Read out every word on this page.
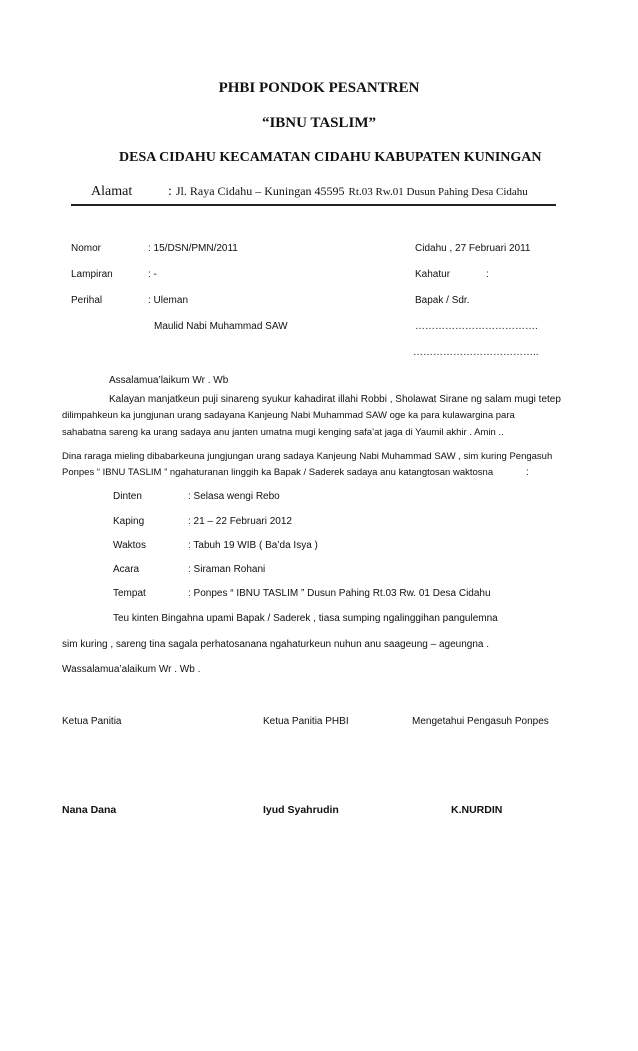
PHBI PONDOK PESANTREN
“IBNU TASLIM”
DESA CIDAHU KECAMATAN CIDAHU KABUPATEN KUNINGAN
Alamat	: Jl. Raya Cidahu – Kuningan 45595 Rt.03 Rw.01 Dusun Pahing Desa Cidahu
Nomor	: 15/DSN/PMN/2011
Lampiran	: -
Perihal	: Uleman
Maulid Nabi Muhammad SAW
Cidahu , 27 Februari 2011
Kahatur	:
Bapak / Sdr.
……………………………….
………………………………..
Assalamua’laikum Wr . Wb
Kalayan manjatkeun puji sinareng syukur kahadirat illahi Robbi , Sholawat Sirane ng salam mugi tetep
dilimpahkeun ka jungjunan urang sadayana Kanjeung Nabi Muhammad SAW oge ka para kulawargina para
sahabatna sareng ka urang sadaya anu janten umatna mugi kenging safa’at jaga di Yaumil akhir . Amin ..
Dina raraga mieling dibabarkeuna jungjungan urang sadaya Kanjeung Nabi Muhammad SAW , sim kuring Pengasuh
Ponpes “ IBNU TASLIM ” ngahaturanan linggih ka Bapak / Saderek sadaya anu katangtosan waktosna	:
Dinten	: Selasa wengi Rebo
Kaping	: 21 – 22 Februari 2012
Waktos	: Tabuh 19 WIB ( Ba’da Isya )
Acara	: Siraman Rohani
Tempat	: Ponpes “ IBNU TASLIM ” Dusun Pahing Rt.03 Rw. 01 Desa Cidahu
Teu kinten Bingahna upami Bapak / Saderek , tiasa sumping ngalinggihan pangulemna
sim kuring , sareng tina sagala perhatosanana ngahaturkeun nuhun anu saageung – ageungna .
Wassalamua’alaikum Wr . Wb .
Ketua Panitia	Ketua Panitia PHBI	Mengetahui Pengasuh Ponpes
Nana Dana	Iyud Syahrudin	K.NURDIN
